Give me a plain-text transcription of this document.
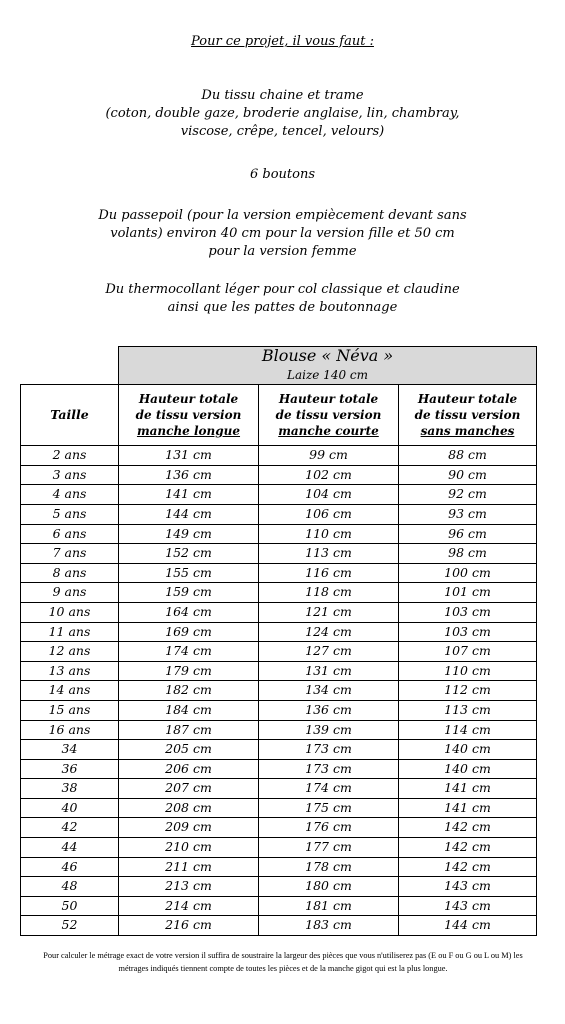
Pour ce projet, il vous faut :
Du tissu chaine et trame
(coton, double gaze, broderie anglaise, lin, chambray,
viscose, crêpe, tencel, velours)
6 boutons
Du passepoil (pour la version empiècement devant sans
volants) environ 40 cm pour la version fille et 50 cm
pour la version femme
Du thermocollant léger pour col classique et claudine
ainsi que les pattes de boutonnage

	Blouse « Néva »
Laize 140 cm		

Taille	Hauteur totale
de tissu version
manche longue	Hauteur totale
de tissu version
manche courte	Hauteur totale
de tissu version
sans manches

2 ans	131 cm	99 cm	88 cm
3 ans	136 cm	102 cm	90 cm
4 ans	141 cm	104 cm	92 cm
5 ans	144 cm	106 cm	93 cm
6 ans	149 cm	110 cm	96 cm
7 ans	152 cm	113 cm	98 cm
8 ans	155 cm	116 cm	100 cm
9 ans	159 cm	118 cm	101 cm
10 ans	164 cm	121 cm	103 cm
11 ans	169 cm	124 cm	103 cm
12 ans	174 cm	127 cm	107 cm
13 ans	179 cm	131 cm	110 cm
14 ans	182 cm	134 cm	112 cm
15 ans	184 cm	136 cm	113 cm
16 ans	187 cm	139 cm	114 cm
34	205 cm	173 cm	140 cm
36	206 cm	173 cm	140 cm
38	207 cm	174 cm	141 cm
40	208 cm	175 cm	141 cm
42	209 cm	176 cm	142 cm
44	210 cm	177 cm	142 cm
46	211 cm	178 cm	142 cm
48	213 cm	180 cm	143 cm
50	214 cm	181 cm	143 cm
52	216 cm	183 cm	144 cm
Pour calculer le métrage exact de votre version il suffira de soustraire la largeur des pièces que vous n'utiliserez pas (E ou F ou G ou L ou M) les métrages indiqués tiennent compte de toutes les pièces et de la manche gigot qui est la plus longue.
